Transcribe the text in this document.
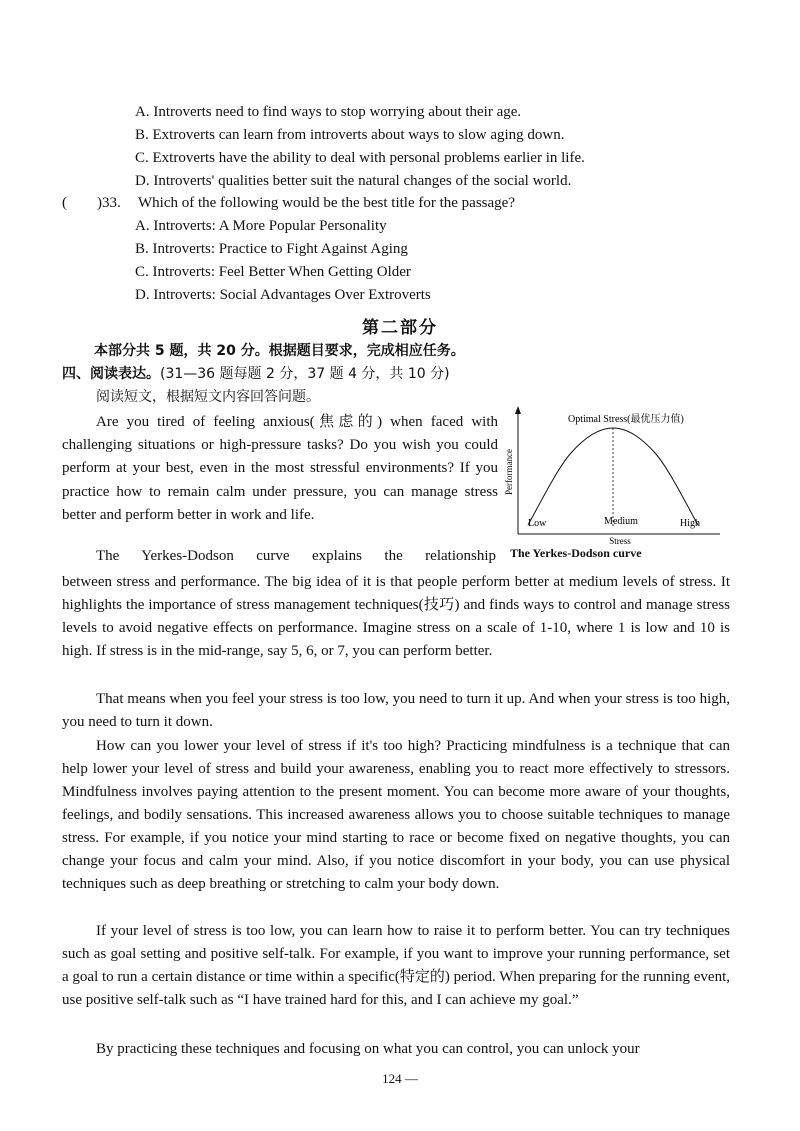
A. Introverts need to find ways to stop worrying about their age.
B. Extroverts can learn from introverts about ways to slow aging down.
C. Extroverts have the ability to deal with personal problems earlier in life.
D. Introverts' qualities better suit the natural changes of the social world.
(　　)33. Which of the following would be the best title for the passage?
A. Introverts: A More Popular Personality
B. Introverts: Practice to Fight Against Aging
C. Introverts: Feel Better When Getting Older
D. Introverts: Social Advantages Over Extroverts
第二部分
本部分共 5 题，共 20 分。根据题目要求，完成相应任务。
四、阅读表达。(31—36 题每题 2 分，37 题 4 分，共 10 分)
阅读短文，根据短文内容回答问题。
Are you tired of feeling anxious(焦虑的) when faced with challenging situations or high-pressure tasks? Do you wish you could perform at your best, even in the most stressful environments? If you practice how to remain calm under pressure, you can manage stress better and perform better in work and life.
Optimal Stress(最优压力值)
Performance
Stress
Low	Medium	High
The Yerkes-Dodson curve
The Yerkes-Dodson curve explains the relationship
between stress and performance. The big idea of it is that people perform better at medium levels of stress. It highlights the importance of stress management techniques(技巧) and finds ways to control and manage stress levels to avoid negative effects on performance. Imagine stress on a scale of 1-10, where 1 is low and 10 is high. If stress is in the mid-range, say 5, 6, or 7, you can perform better.
That means when you feel your stress is too low, you need to turn it up. And when your stress is too high, you need to turn it down.
How can you lower your level of stress if it's too high? Practicing mindfulness is a technique that can help lower your level of stress and build your awareness, enabling you to react more effectively to stressors. Mindfulness involves paying attention to the present moment. You can become more aware of your thoughts, feelings, and bodily sensations. This increased awareness allows you to choose suitable techniques to manage stress. For example, if you notice your mind starting to race or become fixed on negative thoughts, you can change your focus and calm your mind. Also, if you notice discomfort in your body, you can use physical techniques such as deep breathing or stretching to calm your body down.
If your level of stress is too low, you can learn how to raise it to perform better. You can try techniques such as goal setting and positive self-talk. For example, if you want to improve your running performance, set a goal to run a certain distance or time within a specific(特定的) period. When preparing for the running event, use positive self-talk such as “I have trained hard for this, and I can achieve my goal.”
By practicing these techniques and focusing on what you can control, you can unlock your
124 —
